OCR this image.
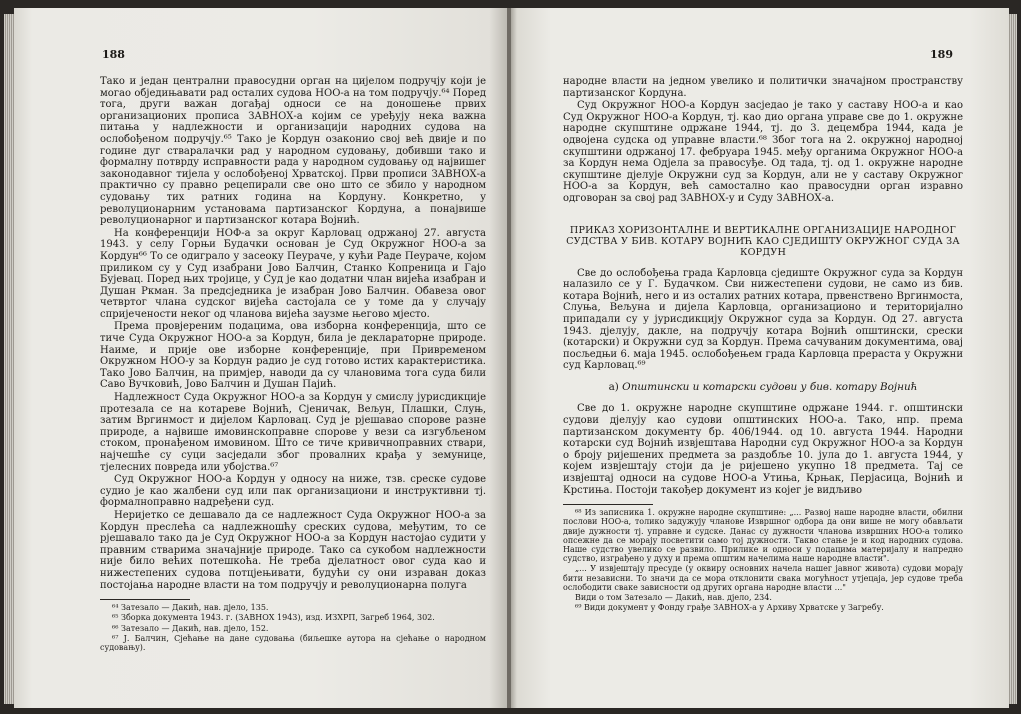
188

Тако и један централни правосудни орган на цијелом подручју који је могао обједињавати рад осталих судова НОО-а на том подручју.⁶⁴ Поред тога, други важан догађај односи се на доношење првих организационих прописа ЗАВНОХ-а којим се уређују нека важна питања у надлежности и организацији народних судова на ослобођеном подручју.⁶⁵ Тако је Кордун озаконио свој већ двије и по године дуг стваралачки рад у народном судовању, добивши тако и формалну потврду исправности рада у народном судовању од највишег законодавног тијела у ослобођеној Хрватској. Први прописи ЗАВНОХ-а практично су правно рецепирали све оно што се збило у народном судовању тих ратних година на Кордуну. Конкретно, у револуционарним установама партизанског Кордуна, а понајвише револуционарног и партизанског котара Војнић.

На конференцији НОФ-а за округ Карловац одржаној 27. августа 1943. у селу Горњи Будачки основан је Суд Окружног НОО-а за Кордун⁶⁶ То се одиграло у засеоку Пеураче, у кући Раде Пеураче, којом приликом су у Суд изабрани Јово Балчин, Станко Копреница и Гајо Бујевац. Поред њих тројице, у Суд је као додатни члан вијећа изабран и Душан Ркман. За предсједника је изабран Јово Балчин. Обавеза овог четвртог члана судског вијећа састојала се у томе да у случају спријечености неког од чланова вијећа заузме његово мјесто.

Према провјереним подацима, ова изборна конференција, што се тиче Суда Окружног НОО-а за Кордун, била је деклараторне природе. Наиме, и прије ове изборне конференције, при Привременом Окружном НОО-у за Кордун радио је суд готово истих карактеристика. Тако Јово Балчин, на примјер, наводи да су члановима тога суда били Саво Вучковић, Јово Балчин и Душан Пајић.

Надлежност Суда Окружног НОО-а за Кордун у смислу јурисдикције протезала се на котареве Војнић, Сјеничак, Вељун, Плашки, Слуњ, затим Вргинмост и дијелом Карловац. Суд је рјешавао спорове разне природе, а највише имовинскоправне спорове у вези са изгубљеном стоком, пронађеном имовином. Што се тиче кривичноправних ствари, најчешће су суци засједали због провалних крађа у земунице, тјелесних повреда или убојства.⁶⁷

Суд Окружног НОО-а Кордун у односу на ниже, тзв. среске судове судио је као жалбени суд или пак организациони и инструктивни тј. формалноправно надређени суд.

Неријетко се дешавало да се надлежност Суда Окружног НОО-а за Кордун преслећа са надлежношћу среских судова, међутим, то се рјешавало тако да је Суд Окружног НОО-а за Кордун настојао судити у правним стварима значајније природе. Тако са сукобом надлежности није било већих потешкоћа. Не треба дјелатност овог суда као и нижестепених судова потцјењивати, будући су они израван доказ постојања народне власти на том подручју и револуционарна полуга

⁶⁴ Затезало — Дакић, нав. дјело, 135.

⁶⁵ Зборка документа 1943. г. (ЗАВНОХ 1943), изд. ИЗХРП, Загреб 1964, 302.

⁶⁶ Затезало — Дакић, нав. дјело, 152.

⁶⁷ Ј. Балчин, Сјећање на дане судовања (биљешке аутора на сјећање о народном судовању).

189

народне власти на једном увелико и политички значајном пространству партизанског Кордуна.

Суд Окружног НОО-а Кордун засједао је тако у саставу НОО-а и као Суд Окружног НОО-а Кордун, тј. као дио органа управе све до 1. окружне народне скупштине одржане 1944, тј. до 3. децембра 1944, када је одвојена судска од управне власти.⁶⁸ Због тога на 2. окружној народној скупштини одржаној 17. фебруара 1945. међу органима Окружног НОО-а за Кордун нема Одјела за правосуђе. Од тада, тј. од 1. окружне народне скупштине дјелује Окружни суд за Кордун, али не у саставу Окружног НОО-а за Кордун, већ самостално као правосудни орган изравно одговоран за свој рад ЗАВНОХ-у и Суду ЗАВНОХ-а.

ПРИКАЗ ХОРИЗОНТАЛНЕ И ВЕРТИКАЛНЕ ОРГАНИЗАЦИЈЕ НАРОДНОГ СУДСТВА У БИВ. КОТАРУ ВОЈНИЋ КАО СЈЕДИШТУ ОКРУЖНОГ СУДА ЗА КОРДУН

Све до ослобођења града Карловца сједиште Окружног суда за Кордун налазило се у Г. Будачком. Сви нижестепени судови, не само из бив. котара Војнић, него и из осталих ратних котара, првенствено Вргинмоста, Слуња, Вељуна и дијела Карловца, организационо и територијално припадали су у јурисдикцију Окружног суда за Кордун. Од 27. августа 1943. дјелују, дакле, на подручју котара Војнић општински, срески (котарски) и Окружни суд за Кордун. Према сачуваним документима, овај посљедњи 6. маја 1945. ослобођењем града Карловца прераста у Окружни суд Карловац.⁶⁹

а) Општински и котарски судови у бив. котару Војнић

Све до 1. окружне народне скупштине одржане 1944. г. општински судови дјелују као судови општинских НОО-а. Тако, нпр. према партизанском документу бр. 406/1944. од 10. августа 1944. Народни котарски суд Војнић извјештава Народни суд Окружног НОО-а за Кордун о броју ријешених предмета за раздобље 10. јула до 1. августа 1944, у којем извјештају стоји да је ријешено укупно 18 предмета. Тај се извјештај односи на судове НОО-а Утиња, Крњак, Перјасица, Војнић и Крстиња. Постоји такођер документ из којег је видљиво

⁶⁸ Из записника 1. окружне народне скупштине: „... Развој наше народне власти, обилни послови НОО-а, толико задужују чланове Извршног одбора да они више не могу обављати двије дужности тј. управне и судске. Данас су дужности чланова извршних НОО-а толико опсежне да се морају посветити само тој дужности. Такво стање је и код народних судова. Наше судство увелико се развило. Прилике и односи у подацима материјалу и напредно судство, изграђено у духу и према општим начелима наше народне власти".

„... У извјештају пресуде (у оквиру основних начела нашег јавног живота) судови морају бити независни. То значи да се мора отклонити свака могућност утјецаја, јер судове треба ослободити свакe зависности од других органа народне власти ..."

Види о том Затезало — Дакић, нав. дјело, 234.

⁶⁹ Види документ у Фонду грађе ЗАВНОХ-а у Архиву Хрватске у Загребу.
